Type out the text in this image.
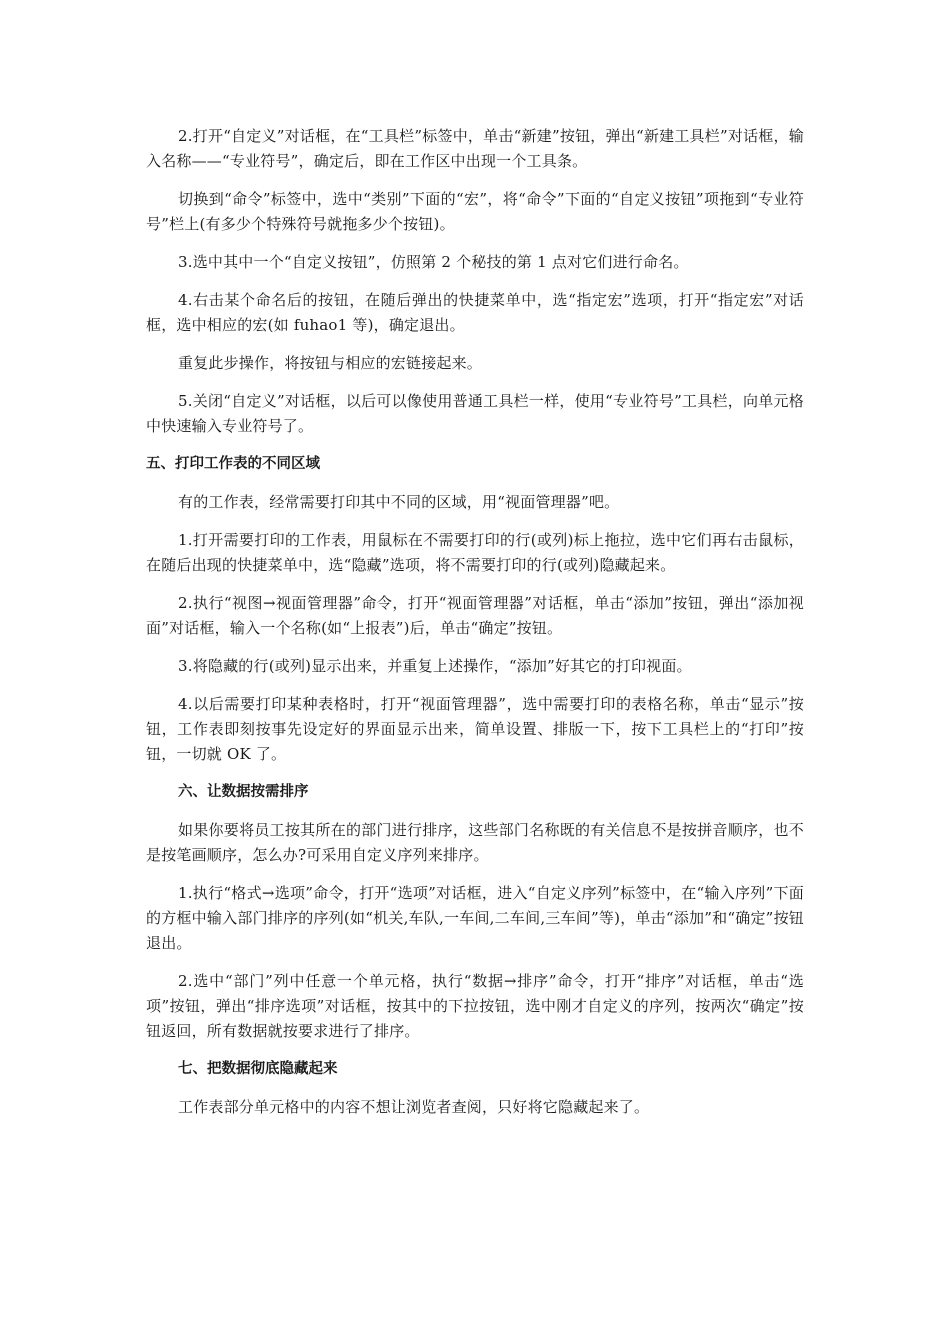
2.打开“自定义”对话框，在“工具栏”标签中，单击“新建”按钮，弹出“新建工具栏”对话框，输入名称——“专业符号”，确定后，即在工作区中出现一个工具条。

切换到“命令”标签中，选中“类别”下面的“宏”，将“命令”下面的“自定义按钮”项拖到“专业符号”栏上(有多少个特殊符号就拖多少个按钮)。

3.选中其中一个“自定义按钮”，仿照第 2 个秘技的第 1 点对它们进行命名。

4.右击某个命名后的按钮，在随后弹出的快捷菜单中，选“指定宏”选项，打开“指定宏”对话框，选中相应的宏(如 fuhao1 等)，确定退出。

重复此步操作，将按钮与相应的宏链接起来。

5.关闭“自定义”对话框，以后可以像使用普通工具栏一样，使用“专业符号”工具栏，向单元格中快速输入专业符号了。

五、打印工作表的不同区域

有的工作表，经常需要打印其中不同的区域，用“视面管理器”吧。

1.打开需要打印的工作表，用鼠标在不需要打印的行(或列)标上拖拉，选中它们再右击鼠标，在随后出现的快捷菜单中，选“隐藏”选项，将不需要打印的行(或列)隐藏起来。

2.执行“视图→视面管理器”命令，打开“视面管理器”对话框，单击“添加”按钮，弹出“添加视面”对话框，输入一个名称(如“上报表”)后，单击“确定”按钮。

3.将隐藏的行(或列)显示出来，并重复上述操作，“添加”好其它的打印视面。

4.以后需要打印某种表格时，打开“视面管理器”，选中需要打印的表格名称，单击“显示”按钮，工作表即刻按事先设定好的界面显示出来，简单设置、排版一下，按下工具栏上的“打印”按钮，一切就 OK 了。

六、让数据按需排序

如果你要将员工按其所在的部门进行排序，这些部门名称既的有关信息不是按拼音顺序，也不是按笔画顺序，怎么办?可采用自定义序列来排序。

1.执行“格式→选项”命令，打开“选项”对话框，进入“自定义序列”标签中，在“输入序列”下面的方框中输入部门排序的序列(如“机关,车队,一车间,二车间,三车间”等)，单击“添加”和“确定”按钮退出。

2.选中“部门”列中任意一个单元格，执行“数据→排序”命令，打开“排序”对话框，单击“选项”按钮，弹出“排序选项”对话框，按其中的下拉按钮，选中刚才自定义的序列，按两次“确定”按钮返回，所有数据就按要求进行了排序。

七、把数据彻底隐藏起来

工作表部分单元格中的内容不想让浏览者查阅，只好将它隐藏起来了。
